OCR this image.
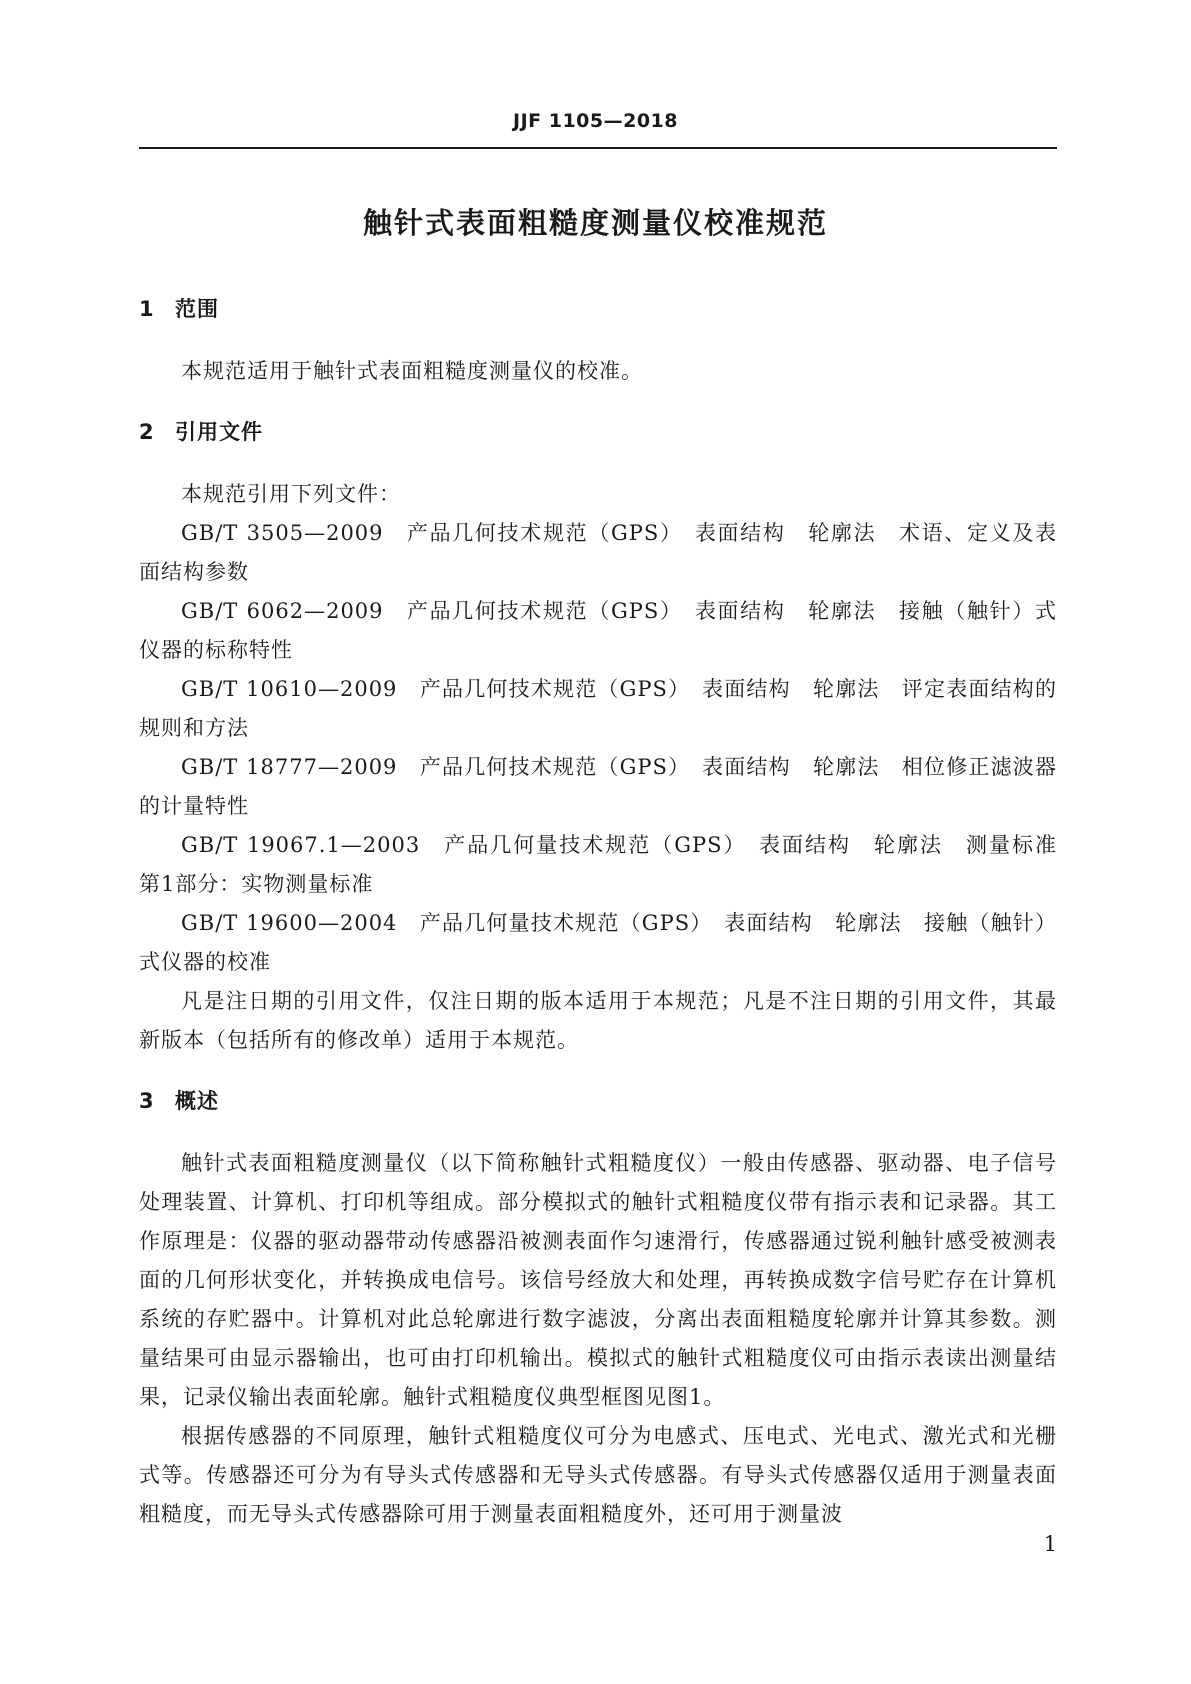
JJF 1105—2018
触针式表面粗糙度测量仪校准规范
1 范围

本规范适用于触针式表面粗糙度测量仪的校准。

2 引用文件

本规范引用下列文件：

GB/T 3505—2009　产品几何技术规范（GPS）　表面结构　轮廓法　术语、定义及表面结构参数

GB/T 6062—2009　产品几何技术规范（GPS）　表面结构　轮廓法　接触（触针）式仪器的标称特性

GB/T 10610—2009　产品几何技术规范（GPS）　表面结构　轮廓法　评定表面结构的规则和方法

GB/T 18777—2009　产品几何技术规范（GPS）　表面结构　轮廓法　相位修正滤波器的计量特性

GB/T 19067.1—2003　产品几何量技术规范（GPS）　表面结构　轮廓法　测量标准　第1部分：实物测量标准

GB/T 19600—2004　产品几何量技术规范（GPS）　表面结构　轮廓法　接触（触针）式仪器的校准

凡是注日期的引用文件，仅注日期的版本适用于本规范；凡是不注日期的引用文件，其最新版本（包括所有的修改单）适用于本规范。

3 概述

触针式表面粗糙度测量仪（以下简称触针式粗糙度仪）一般由传感器、驱动器、电子信号处理装置、计算机、打印机等组成。部分模拟式的触针式粗糙度仪带有指示表和记录器。其工作原理是：仪器的驱动器带动传感器沿被测表面作匀速滑行，传感器通过锐利触针感受被测表面的几何形状变化，并转换成电信号。该信号经放大和处理，再转换成数字信号贮存在计算机系统的存贮器中。计算机对此总轮廓进行数字滤波，分离出表面粗糙度轮廓并计算其参数。测量结果可由显示器输出，也可由打印机输出。模拟式的触针式粗糙度仪可由指示表读出测量结果，记录仪输出表面轮廓。触针式粗糙度仪典型框图见图1。

根据传感器的不同原理，触针式粗糙度仪可分为电感式、压电式、光电式、激光式和光栅式等。传感器还可分为有导头式传感器和无导头式传感器。有导头式传感器仅适用于测量表面粗糙度，而无导头式传感器除可用于测量表面粗糙度外，还可用于测量波

1
